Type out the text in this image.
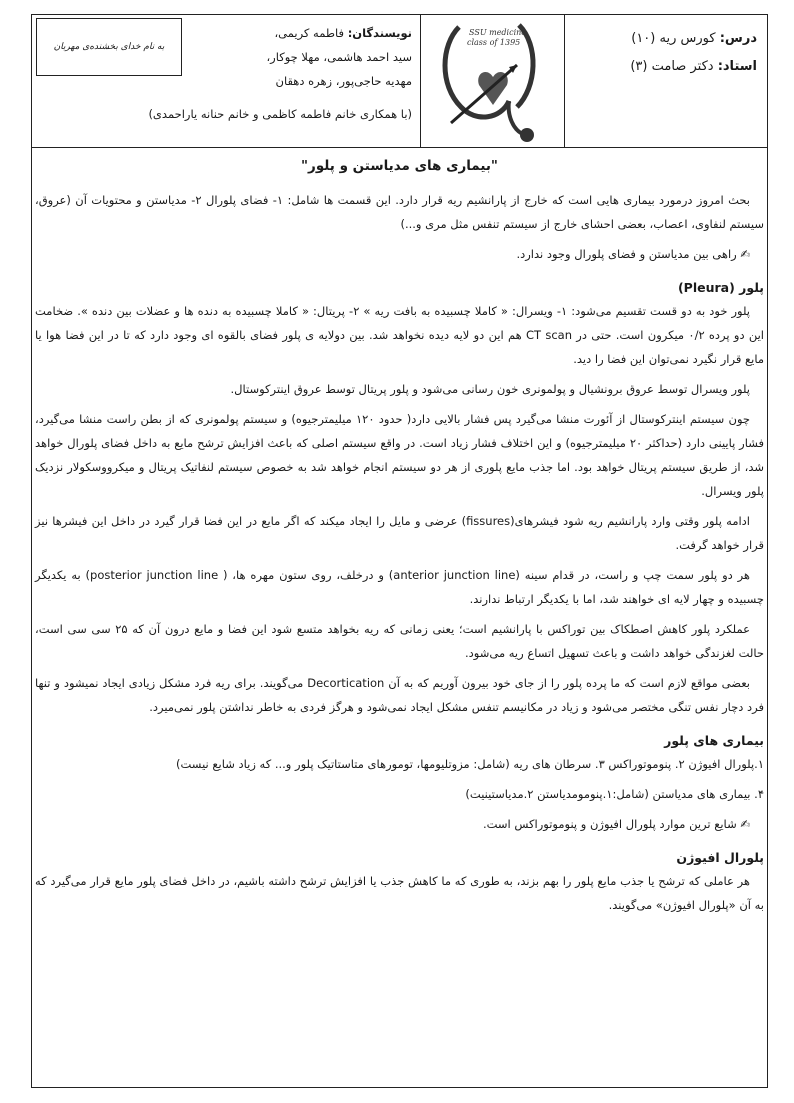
به نام خدای بخشنده‌ی مهربان
نویسندگان: فاطمه کریمی،
سید احمد هاشمی، مهلا چوکار،
مهدیه حاجی‌پور، زهره دهقان
(با همکاری خانم فاطمه کاظمی و خانم حنانه یاراحمدی)
SSU medicine
class of 1395	درس: کورس ریه (۱۰)
استاد: دکتر صامت (۳)
"بیماری های مدیاستن و پلور"

بحث امروز درمورد بیماری هایی است که خارج از پارانشیم ریه قرار دارد. این قسمت ها شامل: ۱- فضای پلورال ۲- مدیاستن و محتویات آن (عروق، سیستم لنفاوی، اعصاب، بعضی احشای خارج از سیستم تنفس مثل مری و...)

✍ راهی بین مدیاستن و فضای پلورال وجود ندارد.

پلور (Pleura)

پلور خود به دو قست تقسیم می‌شود: ۱- ویسرال: « کاملا چسبیده به بافت ریه » ۲- پریتال: « کاملا چسبیده به دنده ها و عضلات بین دنده ». ضخامت این دو پرده ۰/۲ میکرون است. حتی در CT scan هم این دو لایه دیده نخواهد شد. بین دولایه ی پلور فضای بالقوه ای وجود دارد که تا در این فضا هوا یا مایع قرار نگیرد نمی‌توان این فضا را دید.

پلور ویسرال توسط عروق برونشیال و پولمونری خون رسانی می‌شود و پلور پریتال توسط عروق اینترکوستال.

چون سیستم اینترکوستال از آئورت منشا می‌گیرد پس فشار بالایی دارد( حدود ۱۲۰ میلیمترجیوه) و سیستم پولمونری که از بطن راست منشا می‌گیرد، فشار پایینی دارد (حداکثر ۲۰ میلیمترجیوه) و این اختلاف فشار زیاد است. در واقع سیستم اصلی که باعث افزایش ترشح مایع به داخل فضای پلورال خواهد شد، از طریق سیستم پریتال خواهد بود. اما جذب مایع پلوری از هر دو سیستم انجام خواهد شد به خصوص سیستم لنفاتیک پریتال و میکرووسکولار نزدیک پلور ویسرال.

ادامه پلور وقتی وارد پارانشیم ریه شود فیشرهای(fissures) عرضی و مایل را ایجاد میکند که اگر مایع در این فضا قرار گیرد در داخل این فیشرها نیز قرار خواهد گرفت.

هر دو پلور سمت چپ و راست، در قدام سینه (anterior junction line) و درخلف، روی ستون مهره ها، ( posterior junction line) به یکدیگر چسبیده و چهار لایه ای خواهند شد، اما با یکدیگر ارتباط ندارند.

عملکرد پلور کاهش اصطکاک بین توراکس با پارانشیم است؛ یعنی زمانی که ریه بخواهد متسع شود این فضا و مایع درون آن که ۲۵ سی سی است، حالت لغزندگی خواهد داشت و باعث تسهیل اتساع ریه می‌شود.

بعضی مواقع لازم است که ما پرده پلور را از جای خود بیرون آوریم که به آن Decortication می‌گویند. برای ریه فرد مشکل زیادی ایجاد نمیشود و تنها فرد دچار نفس تنگی مختصر می‌شود و زیاد در مکانیسم تنفس مشکل ایجاد نمی‌شود و هرگز فردی به خاطر نداشتن پلور نمی‌میرد.

بیماری های پلور

۱.پلورال افیوژن ۲. پنوموتوراکس ۳. سرطان های ریه (شامل: مزوتلیومها، تومورهای متاستاتیک پلور و... که زیاد شایع نیست)

۴. بیماری های مدیاستن (شامل:۱.پنومومدیاستن ۲.مدیاستینیت)

✍ شایع ترین موارد پلورال افیوژن و پنوموتوراکس است.

پلورال افیوژن

هر عاملی که ترشح یا جذب مایع پلور را بهم بزند، به طوری که ما کاهش جذب یا افزایش ترشح داشته باشیم، در داخل فضای پلور مایع قرار می‌گیرد که به آن «پلورال افیوژن» می‌گویند.
